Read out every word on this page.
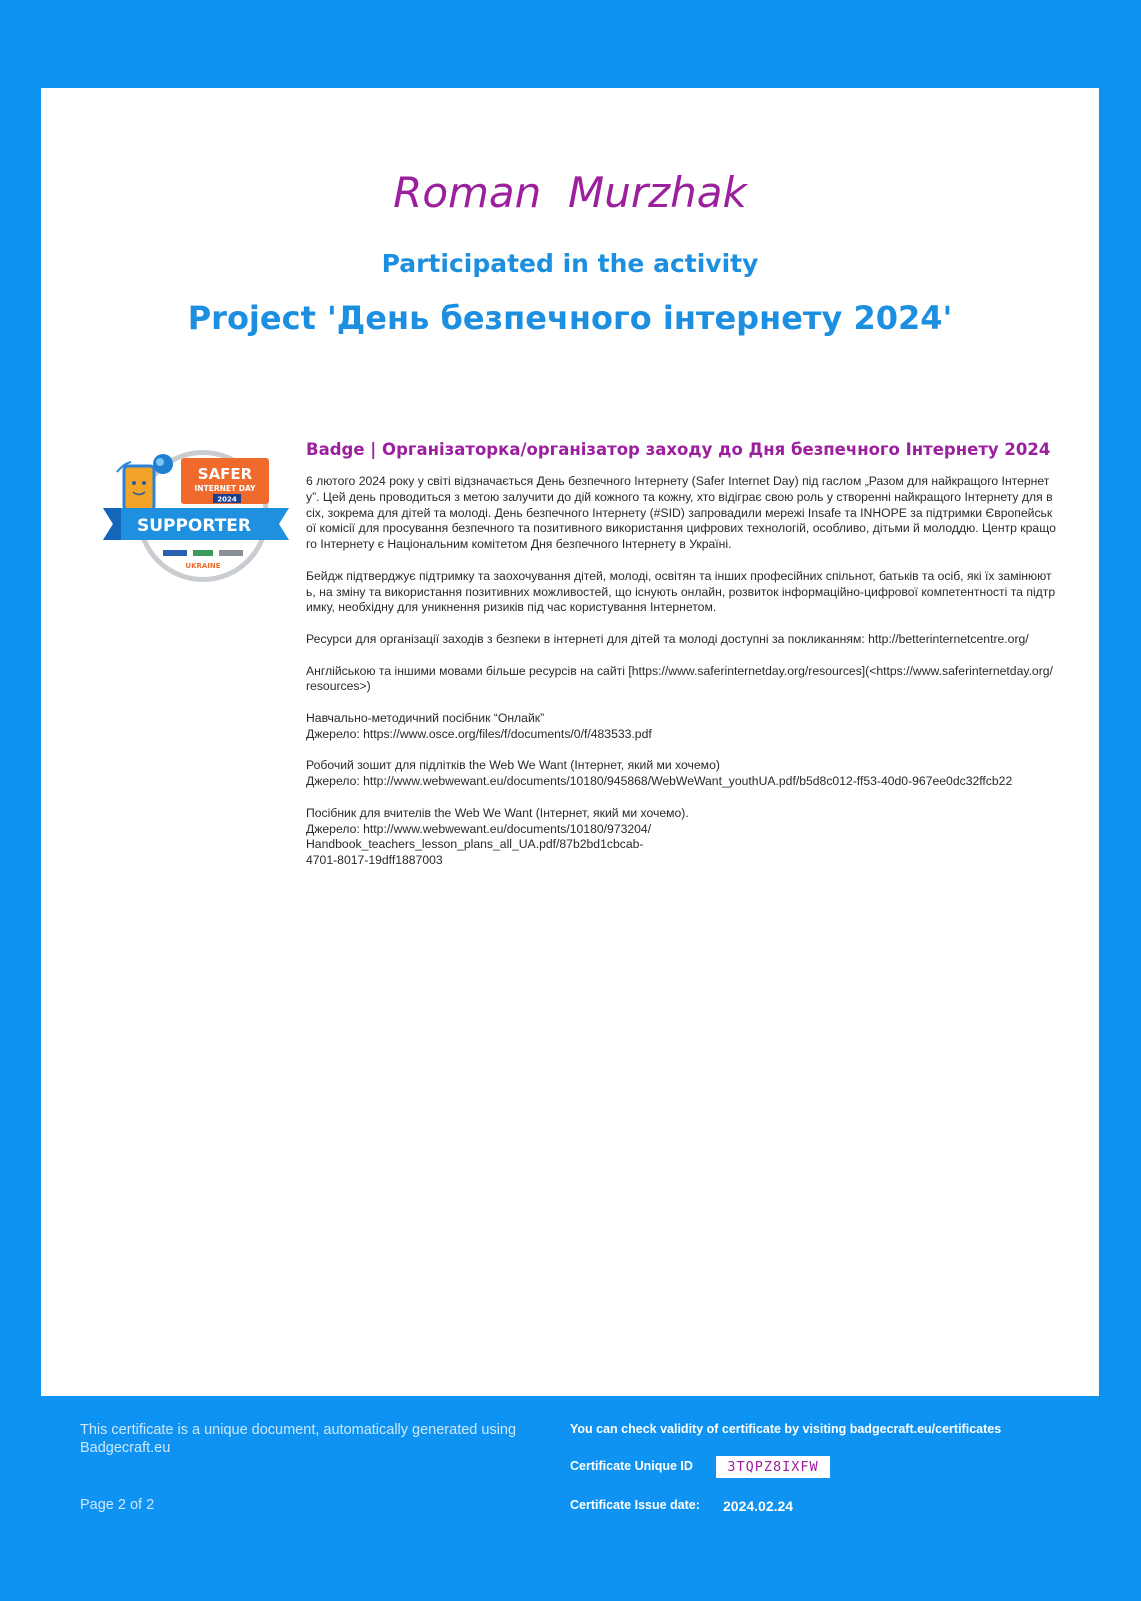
Roman  Murzhak
Participated in the activity
Project 'День безпечного інтернету 2024'
SAFER
INTERNET DAY
2024
SUPPORTER
UKRAINE
Badge | Організаторка/організатор заходу до Дня безпечного Інтернету 2024
6 лютого 2024 року у світі відзначається День безпечного Інтернету (Safer Internet Day) під гаслом „Разом для найкращого Інтернету”. Цей день проводиться з метою залучити до дій кожного та кожну, хто відіграє свою роль у створенні найкращого Інтернету для всіх, зокрема для дітей та молоді. День безпечного Інтернету (#SID) запровадили мережі Insafe та INHOPE за підтримки Європейської комісії для просування безпечного та позитивного використання цифрових технологій, особливо, дітьми й молоддю. Центр кращого Інтернету є Національним комітетом Дня безпечного Інтернету в Україні.

Бейдж підтверджує підтримку та заохочування дітей, молоді, освітян та інших професійних спільнот, батьків та осіб, які їх замінюють, на зміну та використання позитивних можливостей, що існують онлайн, розвиток інформаційно-цифрової компетентності та підтримку, необхідну для уникнення ризиків під час користування Інтернетом.

Ресурси для організації заходів з безпеки в інтернеті для дітей та молоді доступні за покликанням: http://betterinternetcentre.org/

Англійською та іншими мовами більше ресурсів на сайті [https://www.saferinternetday.org/resources](<https://www.saferinternetday.org/resources>)

Навчально-методичний посібник “Онлайк”
Джерело: https://www.osce.org/files/f/documents/0/f/483533.pdf

Робочий зошит для підлітків the Web We Want (Інтернет, який ми хочемо)
Джерело: http://www.webwewant.eu/documents/10180/945868/WebWeWant_youthUA.pdf/b5d8c012-ff53-40d0-967ee0dc32ffcb22

Посібник для вчителів the Web We Want (Інтернет, який ми хочемо).
Джерело: http://www.webwewant.eu/documents/10180/973204/
Handbook_teachers_lesson_plans_all_UA.pdf/87b2bd1cbcab-
4701-8017-19dff1887003
This certificate is a unique document, automatically generated using Badgecraft.eu
Page 2 of 2
You can check validity of certificate by visiting badgecraft.eu/certificates
Certificate Unique ID	3TQPZ8IXFW
Certificate Issue date: 2024.02.24
